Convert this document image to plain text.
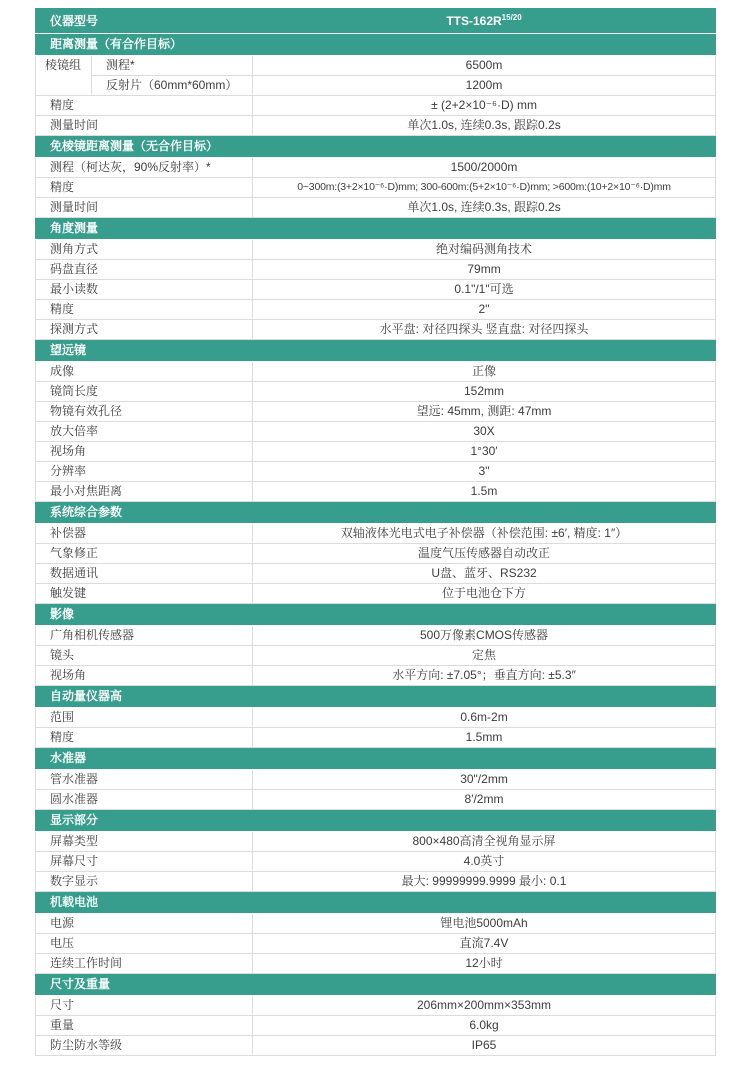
仪器型号		TTS-$162R^{15/20}$
距离测量（有合作目标）		
棱镜组	测程*	6500m
	反射片（60mm*60mm）	1200m
精度		± (2+2×10⁻⁶·D) mm
测量时间		单次1.0s, 连续0.3s, 跟踪0.2s
免棱镜距离测量（无合作目标）		
测程（柯达灰，90%反射率）*		1500/2000m
精度		0~300m:(3+2×10⁻⁶·D)mm; 300-600m:(5+2×10⁻⁶·D)mm; >600m:(10+2×10⁻⁶·D)mm
测量时间		单次1.0s, 连续0.3s, 跟踪0.2s
角度测量		
测角方式		绝对编码测角技术
码盘直径		79mm
最小读数		0.1"/1"可选
精度		2"
探测方式		水平盘: 对径四探头 竖直盘: 对径四探头
望远镜		
成像		正像
镜筒长度		152mm
物镜有效孔径		望远: 45mm, 测距: 47mm
放大倍率		30X
视场角		1°30′
分辨率		3"
最小对焦距离		1.5m
系统综合参数		
补偿器		双轴液体光电式电子补偿器（补偿范围: ±6′, 精度: 1″）
气象修正		温度气压传感器自动改正
数据通讯		U盘、蓝牙、RS232
触发键		位于电池仓下方
影像		
广角相机传感器		500万像素CMOS传感器
镜头		定焦
视场角		水平方向: ±7.05°；垂直方向: ±5.3″
自动量仪器高		
范围		0.6m-2m
精度		1.5mm
水准器		
管水准器		30"/2mm
圆水准器		8′/2mm
显示部分		
屏幕类型		800×480高清全视角显示屏
屏幕尺寸		4.0英寸
数字显示		最大: 99999999.9999 最小: 0.1
机载电池		
电源		锂电池5000mAh
电压		直流7.4V
连续工作时间		12小时
尺寸及重量		
尺寸		206mm×200mm×353mm
重量		6.0kg
防尘防水等级		IP65
